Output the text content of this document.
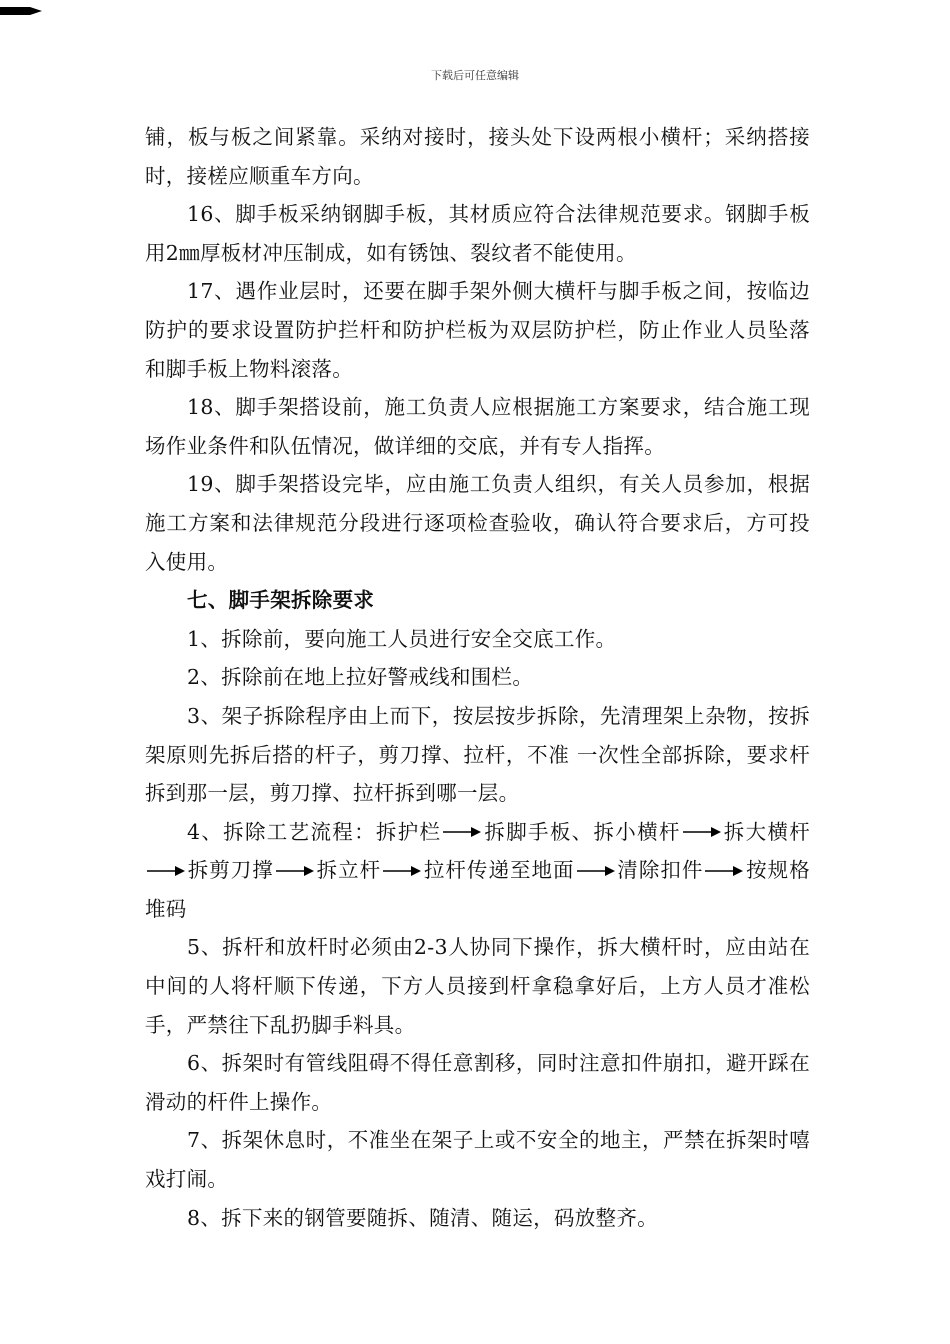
下载后可任意编辑

铺，板与板之间紧靠。采纳对接时，接头处下设两根小横杆；采纳搭接时，接槎应顺重车方向。

16、脚手板采纳钢脚手板，其材质应符合法律规范要求。钢脚手板用2㎜厚板材冲压制成，如有锈蚀、裂纹者不能使用。

17、遇作业层时，还要在脚手架外侧大横杆与脚手板之间，按临边防护的要求设置防护拦杆和防护栏板为双层防护栏，防止作业人员坠落和脚手板上物料滚落。

18、脚手架搭设前，施工负责人应根据施工方案要求，结合施工现场作业条件和队伍情况，做详细的交底，并有专人指挥。

19、脚手架搭设完毕，应由施工负责人组织，有关人员参加，根据施工方案和法律规范分段进行逐项检查验收，确认符合要求后，方可投入使用。

七、脚手架拆除要求

1、拆除前，要向施工人员进行安全交底工作。

2、拆除前在地上拉好警戒线和围栏。

3、架子拆除程序由上而下，按层按步拆除，先清理架上杂物，按拆架原则先拆后搭的杆子，剪刀撑、拉杆，不准 一次性全部拆除，要求杆拆到那一层，剪刀撑、拉杆拆到哪一层。

4、拆除工艺流程：拆护栏 拆脚手板、拆小横杆 拆大横杆
拆剪刀撑 拆立杆 拉杆传递至地面 清除扣件 按规格堆码

5、拆杆和放杆时必须由2-3人协同下操作，拆大横杆时，应由站在中间的人将杆顺下传递，下方人员接到杆拿稳拿好后，上方人员才准松手，严禁往下乱扔脚手料具。

6、拆架时有管线阻碍不得任意割移，同时注意扣件崩扣，避开踩在滑动的杆件上操作。

7、拆架休息时，不准坐在架子上或不安全的地主，严禁在拆架时嘻戏打闹。

8、拆下来的钢管要随拆、随清、随运，码放整齐。
